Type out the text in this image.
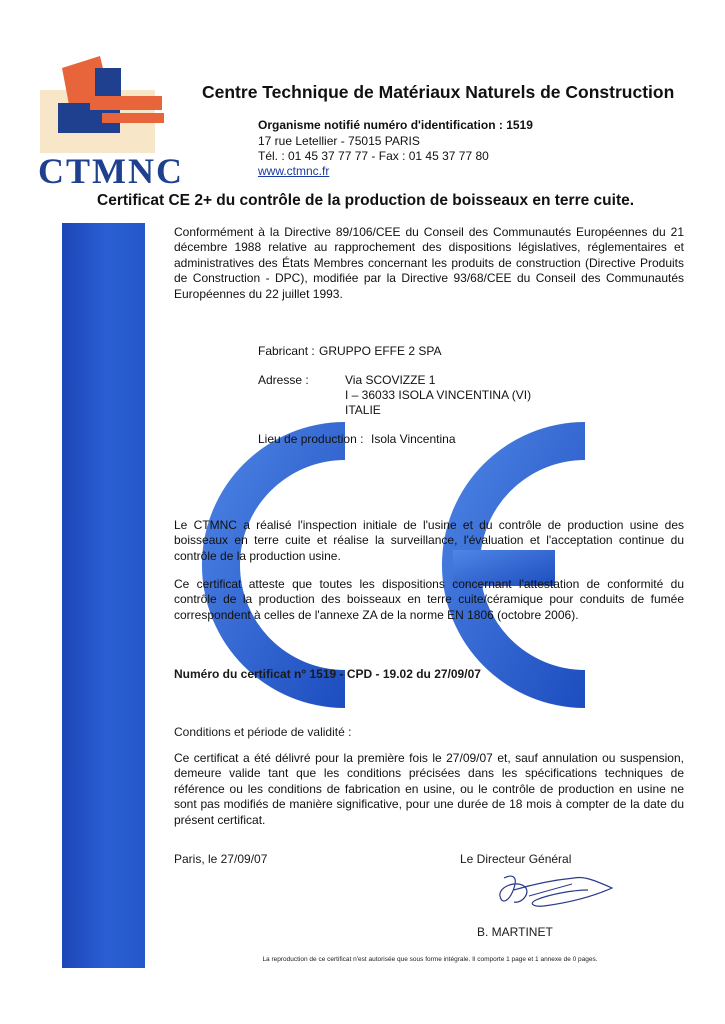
CTMNC
Centre Technique de Matériaux Naturels de Construction
Organisme notifié numéro d'identification : 1519
17 rue Letellier - 75015 PARIS
Tél. : 01 45 37 77 77 - Fax : 01 45 37 77 80
www.ctmnc.fr
Certificat CE 2+ du contrôle de la production de boisseaux en terre cuite.
Conformément à la Directive 89/106/CEE du Conseil des Communautés Européennes du 21 décembre 1988 relative au rapprochement des dispositions législatives, réglementaires et administratives des États Membres concernant les produits de construction (Directive Produits de Construction - DPC), modifiée par la Directive 93/68/CEE du Conseil des Communautés Européennes du 22 juillet 1993.
Fabricant : GRUPPO EFFE 2 SPA
Adresse :	Via SCOVIZZE 1
I – 36033 ISOLA VINCENTINA (VI)
ITALIE
Lieu de production : Isola Vincentina
Le CTMNC a réalisé l'inspection initiale de l'usine et du contrôle de production usine des boisseaux en terre cuite et réalise la surveillance, l'évaluation et l'acceptation continue du contrôle de la production usine.
Ce certificat atteste que toutes les dispositions concernant l'attestation de conformité du contrôle de la production des boisseaux en terre cuite/céramique pour conduits de fumée correspondent à celles de l'annexe ZA de la norme EN 1806 (octobre 2006).
Numéro du certificat n° 1519 - CPD - 19.02 du 27/09/07
Conditions et période de validité :
Ce certificat a été délivré pour la première fois le 27/09/07 et, sauf annulation ou suspension, demeure valide tant que les conditions précisées dans les spécifications techniques de référence ou les conditions de fabrication en usine, ou le contrôle de production en usine ne sont pas modifiés de manière significative, pour une durée de 18 mois à compter de la date du présent certificat.
Paris, le 27/09/07	Le Directeur Général
B. MARTINET
La reproduction de ce certificat n'est autorisée que sous forme intégrale. Il comporte 1 page et 1 annexe de 0 pages.
